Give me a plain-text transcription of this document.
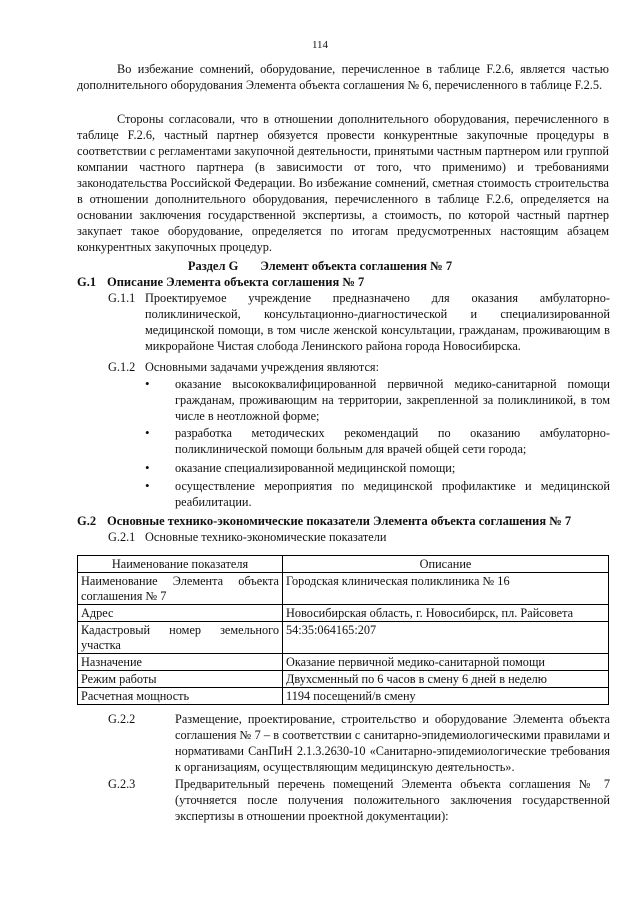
114
Во избежание сомнений, оборудование, перечисленное в таблице F.2.6, является частью дополнительного оборудования Элемента объекта соглашения № 6, перечисленного в таблице F.2.5.
Стороны согласовали, что в отношении дополнительного оборудования, перечисленного в таблице F.2.6, частный партнер обязуется провести конкурентные закупочные процедуры в соответствии с регламентами закупочной деятельности, принятыми частным партнером или группой компании частного партнера (в зависимости от того, что применимо) и требованиями законодательства Российской Федерации. Во избежание сомнений, сметная стоимость строительства в отношении дополнительного оборудования, перечисленного в таблице F.2.6, определяется на основании заключения государственной экспертизы, а стоимость, по которой частный партнер закупает такое оборудование, определяется по итогам предусмотренных настоящим абзацем конкурентных закупочных процедур.
Раздел G Элемент объекта соглашения № 7
G.1 Описание Элемента объекта соглашения № 7
G.1.1 Проектируемое учреждение предназначено для оказания амбулаторно-поликлинической, консультационно-диагностической и специализированной медицинской помощи, в том числе женской консультации, гражданам, проживающим в микрорайоне Чистая слобода Ленинского района города Новосибирска.
G.1.2 Основными задачами учреждения являются:
• оказание высококвалифицированной первичной медико-санитарной помощи гражданам, проживающим на территории, закрепленной за поликлиникой, в том числе в неотложной форме;
• разработка методических рекомендаций по оказанию амбулаторно-поликлинической помощи больным для врачей общей сети города;
• оказание специализированной медицинской помощи;
• осуществление мероприятия по медицинской профилактике и медицинской реабилитации.
G.2 Основные технико-экономические показатели Элемента объекта соглашения № 7
G.2.1 Основные технико-экономические показатели
Наименование показателя	Описание
Наименование Элемента объекта соглашения № 7	Городская клиническая поликлиника № 16
Адрес	Новосибирская область, г. Новосибирск, пл. Райсовета
Кадастровый номер земельного участка	54:35:064165:207
Назначение	Оказание первичной медико-санитарной помощи
Режим работы	Двухсменный по 6 часов в смену 6 дней в неделю
Расчетная мощность	1194 посещений/в смену
G.2.2	Размещение, проектирование, строительство и оборудование Элемента объекта соглашения № 7 – в соответствии с санитарно-эпидемиологическими правилами и нормативами СанПиН 2.1.3.2630-10 «Санитарно-эпидемиологические требования к организациям, осуществляющим медицинскую деятельность».
G.2.3	Предварительный перечень помещений Элемента объекта соглашения № 7 (уточняется после получения положительного заключения государственной экспертизы в отношении проектной документации):
